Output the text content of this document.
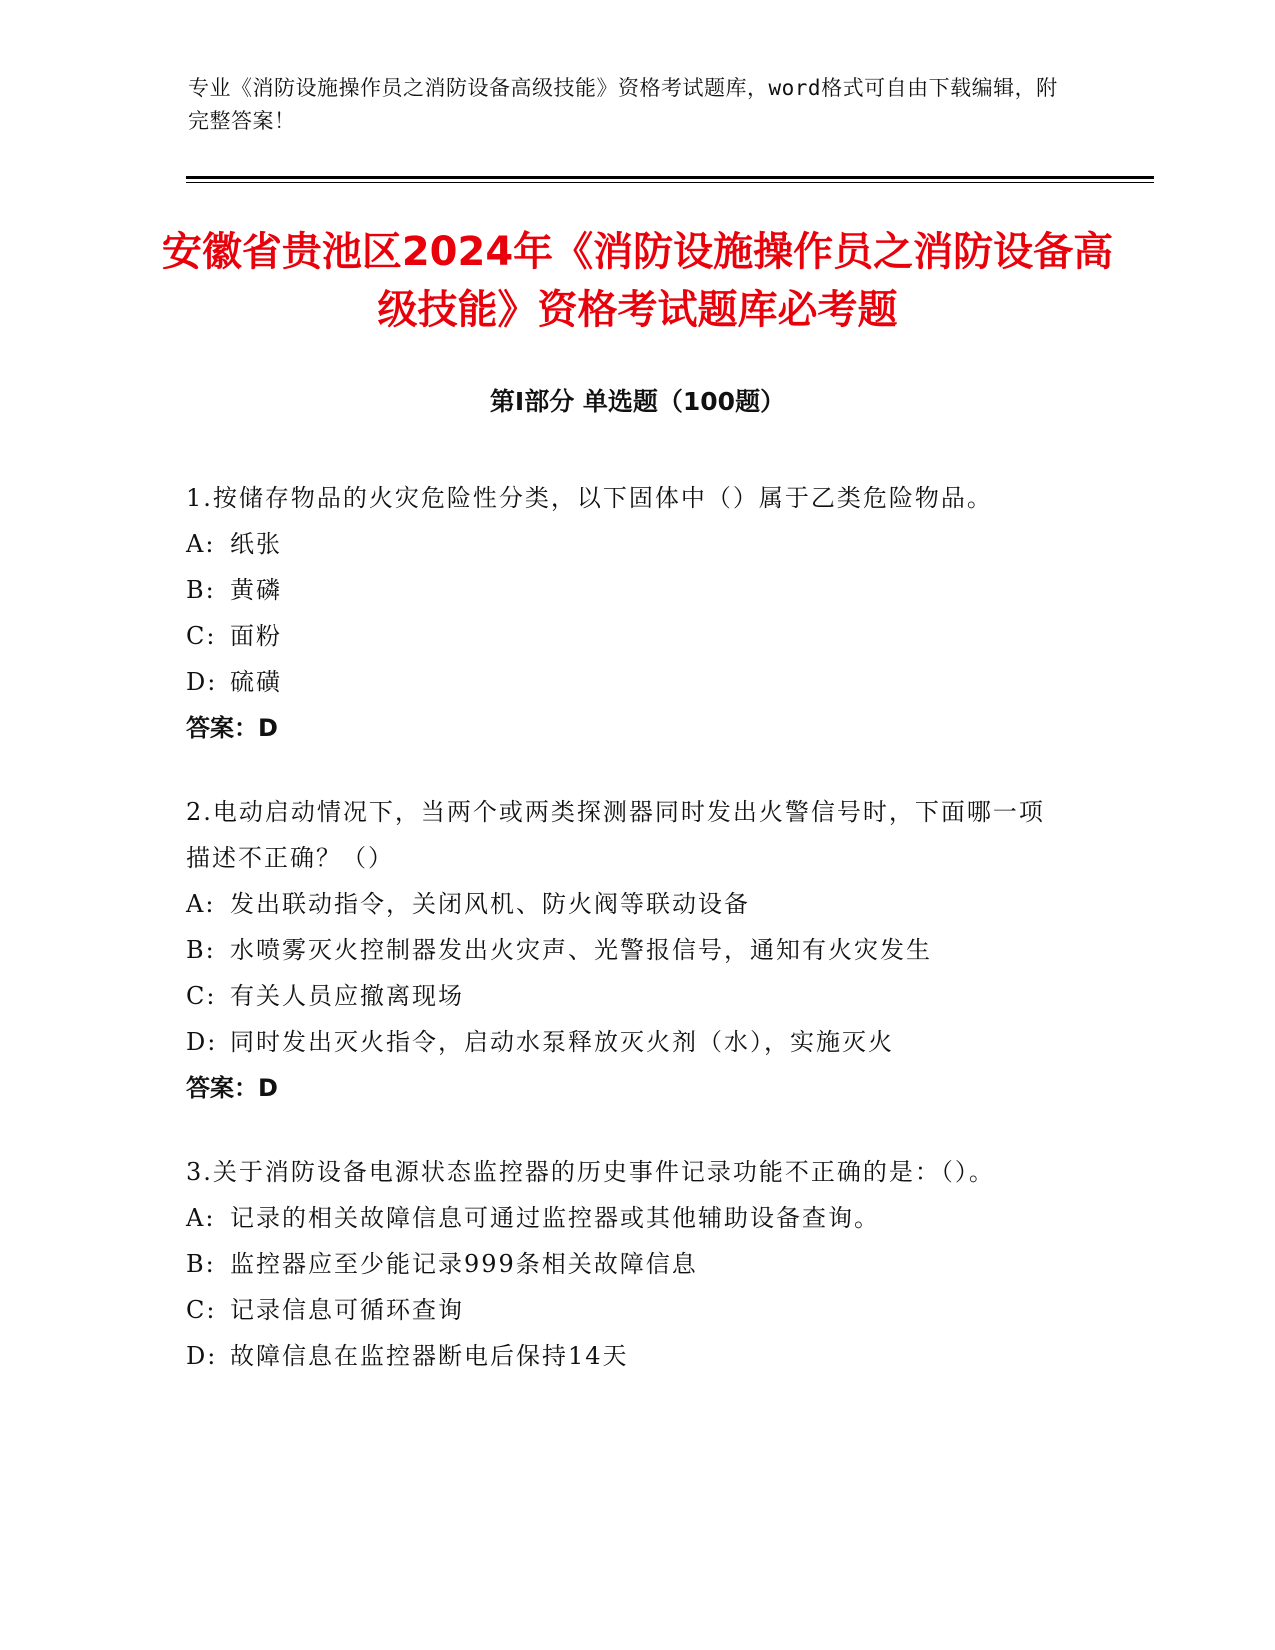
专业《消防设施操作员之消防设备高级技能》资格考试题库，word格式可自由下载编辑，附完整答案！
安徽省贵池区2024年《消防设施操作员之消防设备高级技能》资格考试题库必考题
第I部分 单选题（100题）
1.按储存物品的火灾危险性分类，以下固体中（）属于乙类危险物品。
A: 纸张
B: 黄磷
C: 面粉
D: 硫磺
答案：D
2.电动启动情况下，当两个或两类探测器同时发出火警信号时，下面哪一项描述不正确？（）
A: 发出联动指令，关闭风机、防火阀等联动设备
B: 水喷雾灭火控制器发出火灾声、光警报信号，通知有火灾发生
C: 有关人员应撤离现场
D: 同时发出灭火指令，启动水泵释放灭火剂（水），实施灭火
答案：D
3.关于消防设备电源状态监控器的历史事件记录功能不正确的是：（）。
A: 记录的相关故障信息可通过监控器或其他辅助设备查询。
B: 监控器应至少能记录999条相关故障信息
C: 记录信息可循环查询
D: 故障信息在监控器断电后保持14天
